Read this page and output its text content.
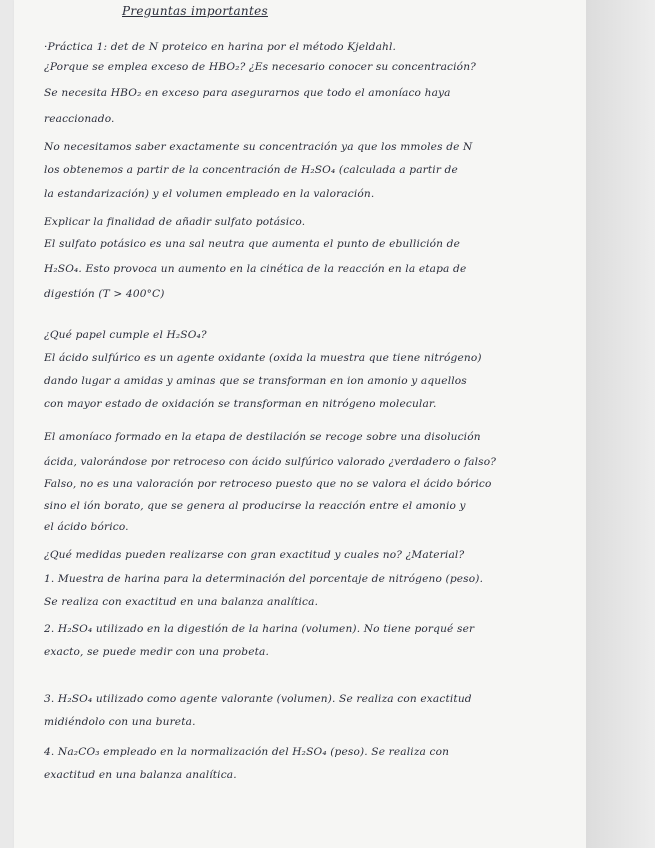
Preguntas importantes
·Práctica 1: det de N proteico en harina por el método Kjeldahl.
¿Porque se emplea exceso de HBO₂? ¿Es necesario conocer su concentración?
Se necesita HBO₂ en exceso para asegurarnos que todo el amoníaco haya
reaccionado.
No necesitamos saber exactamente su concentración ya que los mmoles de N
los obtenemos a partir de la concentración de H₂SO₄ (calculada a partir de
la estandarización) y el volumen empleado en la valoración.
Explicar la finalidad de añadir sulfato potásico.
El sulfato potásico es una sal neutra que aumenta el punto de ebullición de
H₂SO₄. Esto provoca un aumento en la cinética de la reacción en la etapa de
digestión (T > 400°C)
¿Qué papel cumple el H₂SO₄?
El ácido sulfúrico es un agente oxidante (oxida la muestra que tiene nitrógeno)
dando lugar a amidas y aminas que se transforman en ion amonio y aquellos
con mayor estado de oxidación se transforman en nitrógeno molecular.
El amoníaco formado en la etapa de destilación se recoge sobre una disolución
ácida, valorándose por retroceso con ácido sulfúrico valorado ¿verdadero o falso?
Falso, no es una valoración por retroceso puesto que no se valora el ácido bórico
sino el ión borato, que se genera al producirse la reacción entre el amonio y
el ácido bórico.
¿Qué medidas pueden realizarse con gran exactitud y cuales no? ¿Material?
1. Muestra de harina para la determinación del porcentaje de nitrógeno (peso).
Se realiza con exactitud en una balanza analítica.
2. H₂SO₄ utilizado en la digestión de la harina (volumen). No tiene porqué ser
exacto, se puede medir con una probeta.
3. H₂SO₄ utilizado como agente valorante (volumen). Se realiza con exactitud
midiéndolo con una bureta.
4. Na₂CO₃ empleado en la normalización del H₂SO₄ (peso). Se realiza con
exactitud en una balanza analítica.
